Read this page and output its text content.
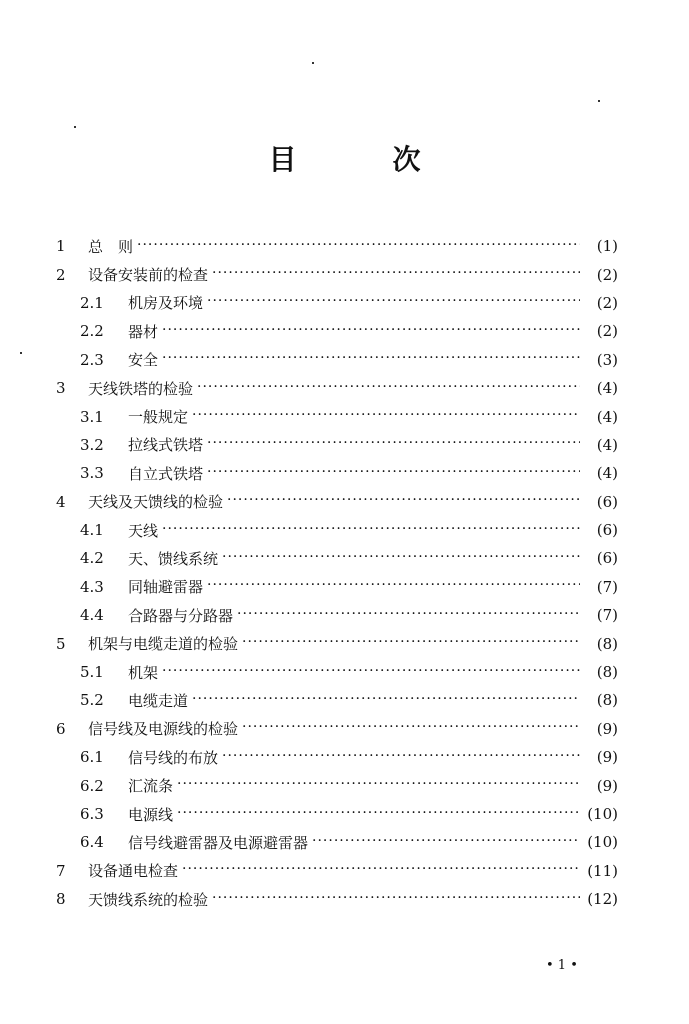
目	次
1	总　则 ·····	(1)
2	设备安装前的检查 ·····	(2)
2.1	机房及环境 ·····	(2)
2.2	器材 ·····	(2)
2.3	安全 ·····	(3)
3	天线铁塔的检验 ·····	(4)
3.1	一般规定 ·····	(4)
3.2	拉线式铁塔 ·····	(4)
3.3	自立式铁塔 ·····	(4)
4	天线及天馈线的检验 ·····	(6)
4.1	天线 ·····	(6)
4.2	天、馈线系统 ·····	(6)
4.3	同轴避雷器 ·····	(7)
4.4	合路器与分路器 ·····	(7)
5	机架与电缆走道的检验 ·····	(8)
5.1	机架 ·····	(8)
5.2	电缆走道 ·····	(8)
6	信号线及电源线的检验 ·····	(9)
6.1	信号线的布放 ·····	(9)
6.2	汇流条 ·····	(9)
6.3	电源线 ·····	(10)
6.4	信号线避雷器及电源避雷器 ·····	(10)
7	设备通电检查 ·····	(11)
8	天馈线系统的检验 ·····	(12)
• 1 •
